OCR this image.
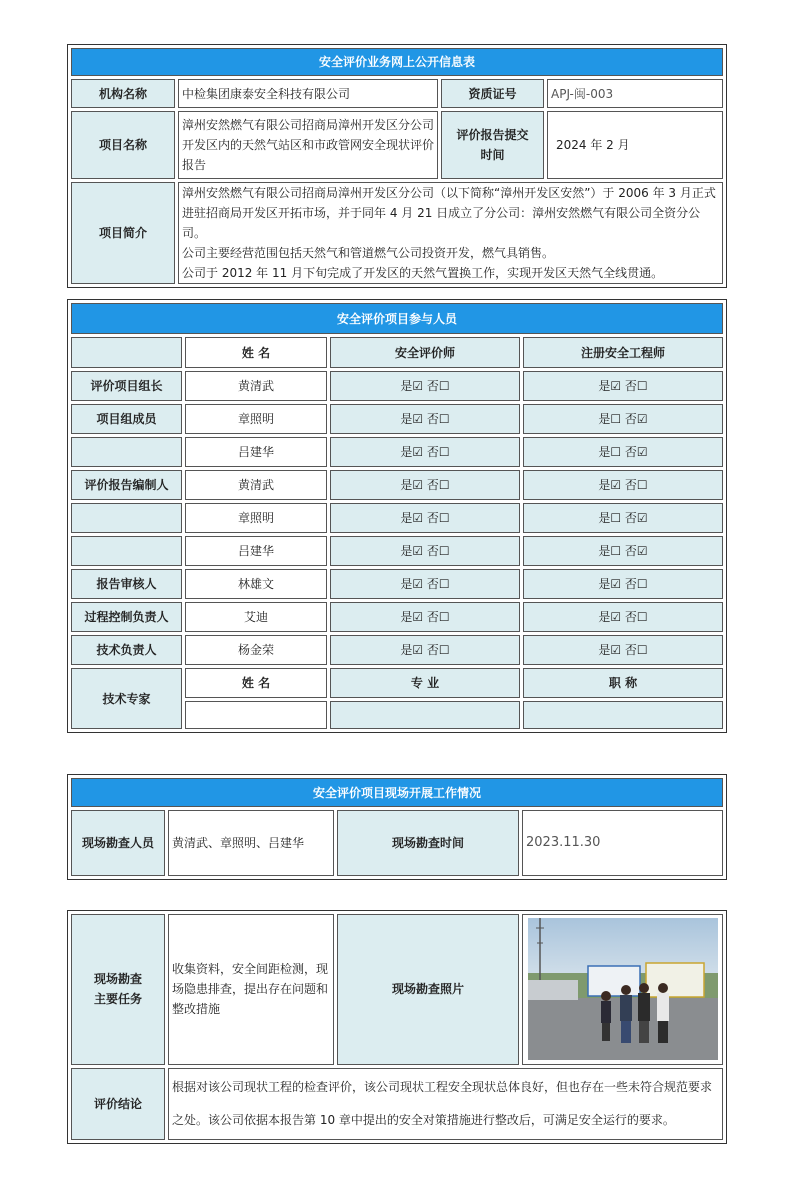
安全评价业务网上公开信息表			
机构名称	中检集团康泰安全科技有限公司	资质证号	APJ-闽-003
项目名称	漳州安然燃气有限公司招商局漳州开发区分公司开发区内的天然气站区和市政管网安全现状评价报告	评价报告提交时间	2024 年 2 月
项目简介	漳州安然燃气有限公司招商局漳州开发区分公司（以下简称“漳州开发区安然”）于 2006 年 3 月正式进驻招商局开发区开拓市场，并于同年 4 月 21 日成立了分公司：漳州安然燃气有限公司全资分公司。
公司主要经营范围包括天然气和管道燃气公司投资开发，燃气具销售。
公司于 2012 年 11 月下旬完成了开发区的天然气置换工作，实现开发区天然气全线贯通。		
安全评价项目参与人员			
	姓 名	安全评价师	注册安全工程师
评价项目组长	黄清武	是☑ 否☐	是☑ 否☐
项目组成员	章照明	是☑ 否☐	是☐ 否☑
	吕建华	是☑ 否☐	是☐ 否☑
评价报告编制人	黄清武	是☑ 否☐	是☑ 否☐
	章照明	是☑ 否☐	是☐ 否☑
	吕建华	是☑ 否☐	是☐ 否☑
报告审核人	林雄文	是☑ 否☐	是☑ 否☐
过程控制负责人	艾迪	是☑ 否☐	是☑ 否☐
技术负责人	杨金荣	是☑ 否☐	是☑ 否☐
技术专家	姓 名	专 业	职 称

安全评价项目现场开展工作情况
现场勘查人员	黄清武、章照明、吕建华	现场勘查时间	2023.11.30
现场勘查主要任务	收集资料，安全间距检测，现场隐患排查，提出存在问题和整改措施	现场勘查照片	

评价结论	根据对该公司现状工程的检查评价，该公司现状工程安全现状总体良好，但也存在一些未符合规范要求之处。该公司依据本报告第 10 章中提出的安全对策措施进行整改后，可满足安全运行的要求。		
